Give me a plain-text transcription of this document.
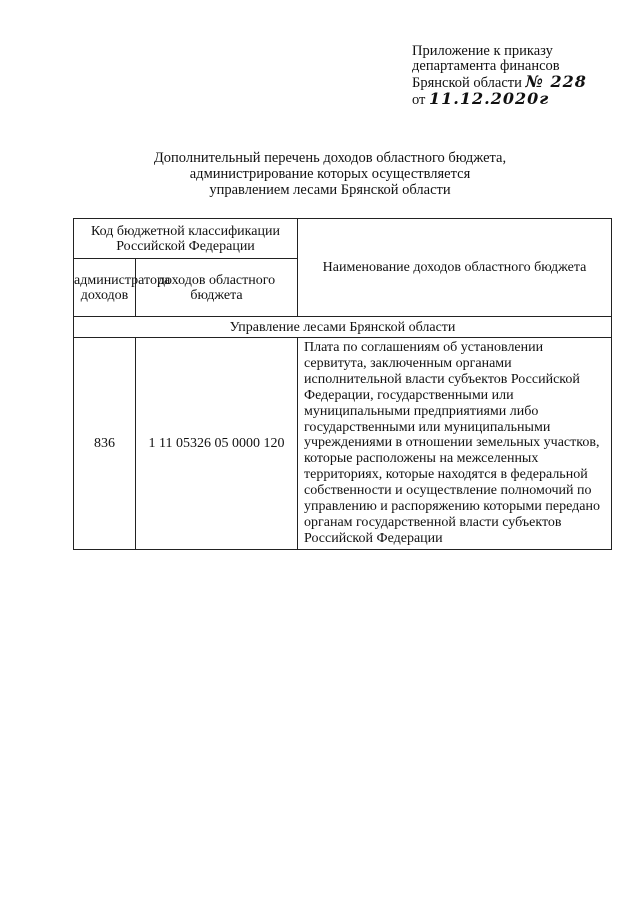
Приложение к приказу
департамента финансов
Брянской области № 228
от 11.12.2020г
Дополнительный перечень доходов областного бюджета,
администрирование которых осуществляется
управлением лесами Брянской области
Код бюджетной классификации Российской Федерации		Наименование доходов областного бюджета
администратора доходов	доходов областного бюджета	
Управление лесами Брянской области		
836	1 11 05326 05 0000 120	Плата по соглашениям об установлении сервитута, заключенным органами исполнительной власти субъектов Российской Федерации, государственными или муниципальными предприятиями либо государственными или муниципальными учреждениями в отношении земельных участков, которые расположены на межселенных территориях, которые находятся в федеральной собственности и осуществление полномочий по управлению и распоряжению которыми передано органам государственной власти субъектов Российской Федерации
